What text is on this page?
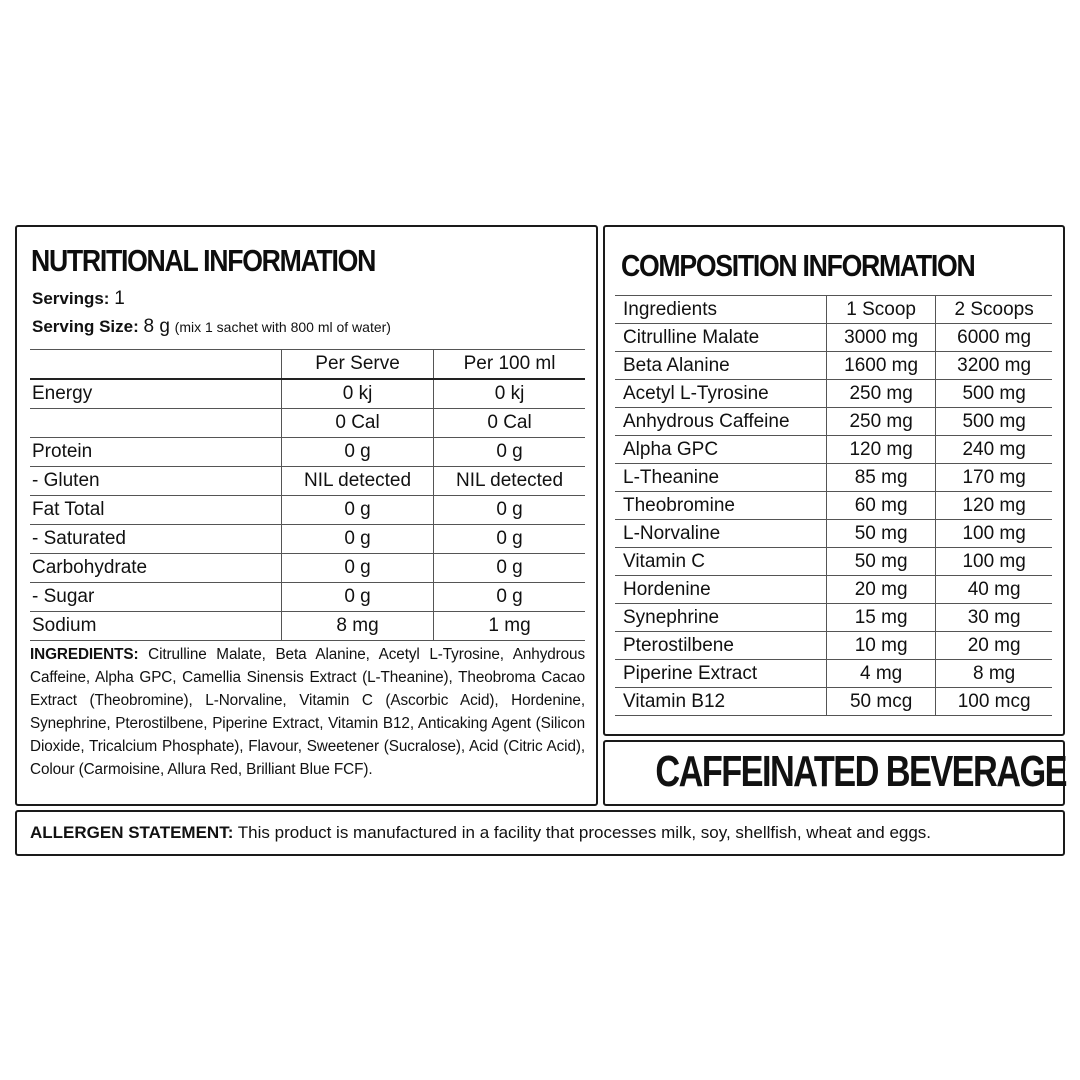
NUTRITIONAL INFORMATION
Servings: 1
Serving Size: 8 g (mix 1 sachet with 800 ml of water)
	Per Serve	Per 100 ml
Energy	0 kj	0 kj
	0 Cal	0 Cal
Protein	0 g	0 g
- Gluten	NIL detected	NIL detected
Fat Total	0 g	0 g
- Saturated	0 g	0 g
Carbohydrate	0 g	0 g
- Sugar	0 g	0 g
Sodium	8 mg	1 mg
INGREDIENTS: Citrulline Malate, Beta Alanine, Acetyl L-Tyrosine, Anhydrous Caffeine, Alpha GPC, Camellia Sinensis Extract (L-Theanine), Theobroma Cacao Extract (Theobromine), L-Norvaline, Vitamin C (Ascorbic Acid), Hordenine, Synephrine, Pterostilbene, Piperine Extract, Vitamin B12, Anticaking Agent (Silicon Dioxide, Tricalcium Phosphate), Flavour, Sweetener (Sucralose), Acid (Citric Acid), Colour (Carmoisine, Allura Red, Brilliant Blue FCF).
COMPOSITION INFORMATION
Ingredients	1 Scoop	2 Scoops
Citrulline Malate	3000 mg	6000 mg
Beta Alanine	1600 mg	3200 mg
Acetyl L-Tyrosine	250 mg	500 mg
Anhydrous Caffeine	250 mg	500 mg
Alpha GPC	120 mg	240 mg
L-Theanine	85 mg	170 mg
Theobromine	60 mg	120 mg
L-Norvaline	50 mg	100 mg
Vitamin C	50 mg	100 mg
Hordenine	20 mg	40 mg
Synephrine	15 mg	30 mg
Pterostilbene	10 mg	20 mg
Piperine Extract	4 mg	8 mg
Vitamin B12	50 mcg	100 mcg
CAFFEINATED BEVERAGE
ALLERGEN STATEMENT: This product is manufactured in a facility that processes milk, soy, shellfish, wheat and eggs.
